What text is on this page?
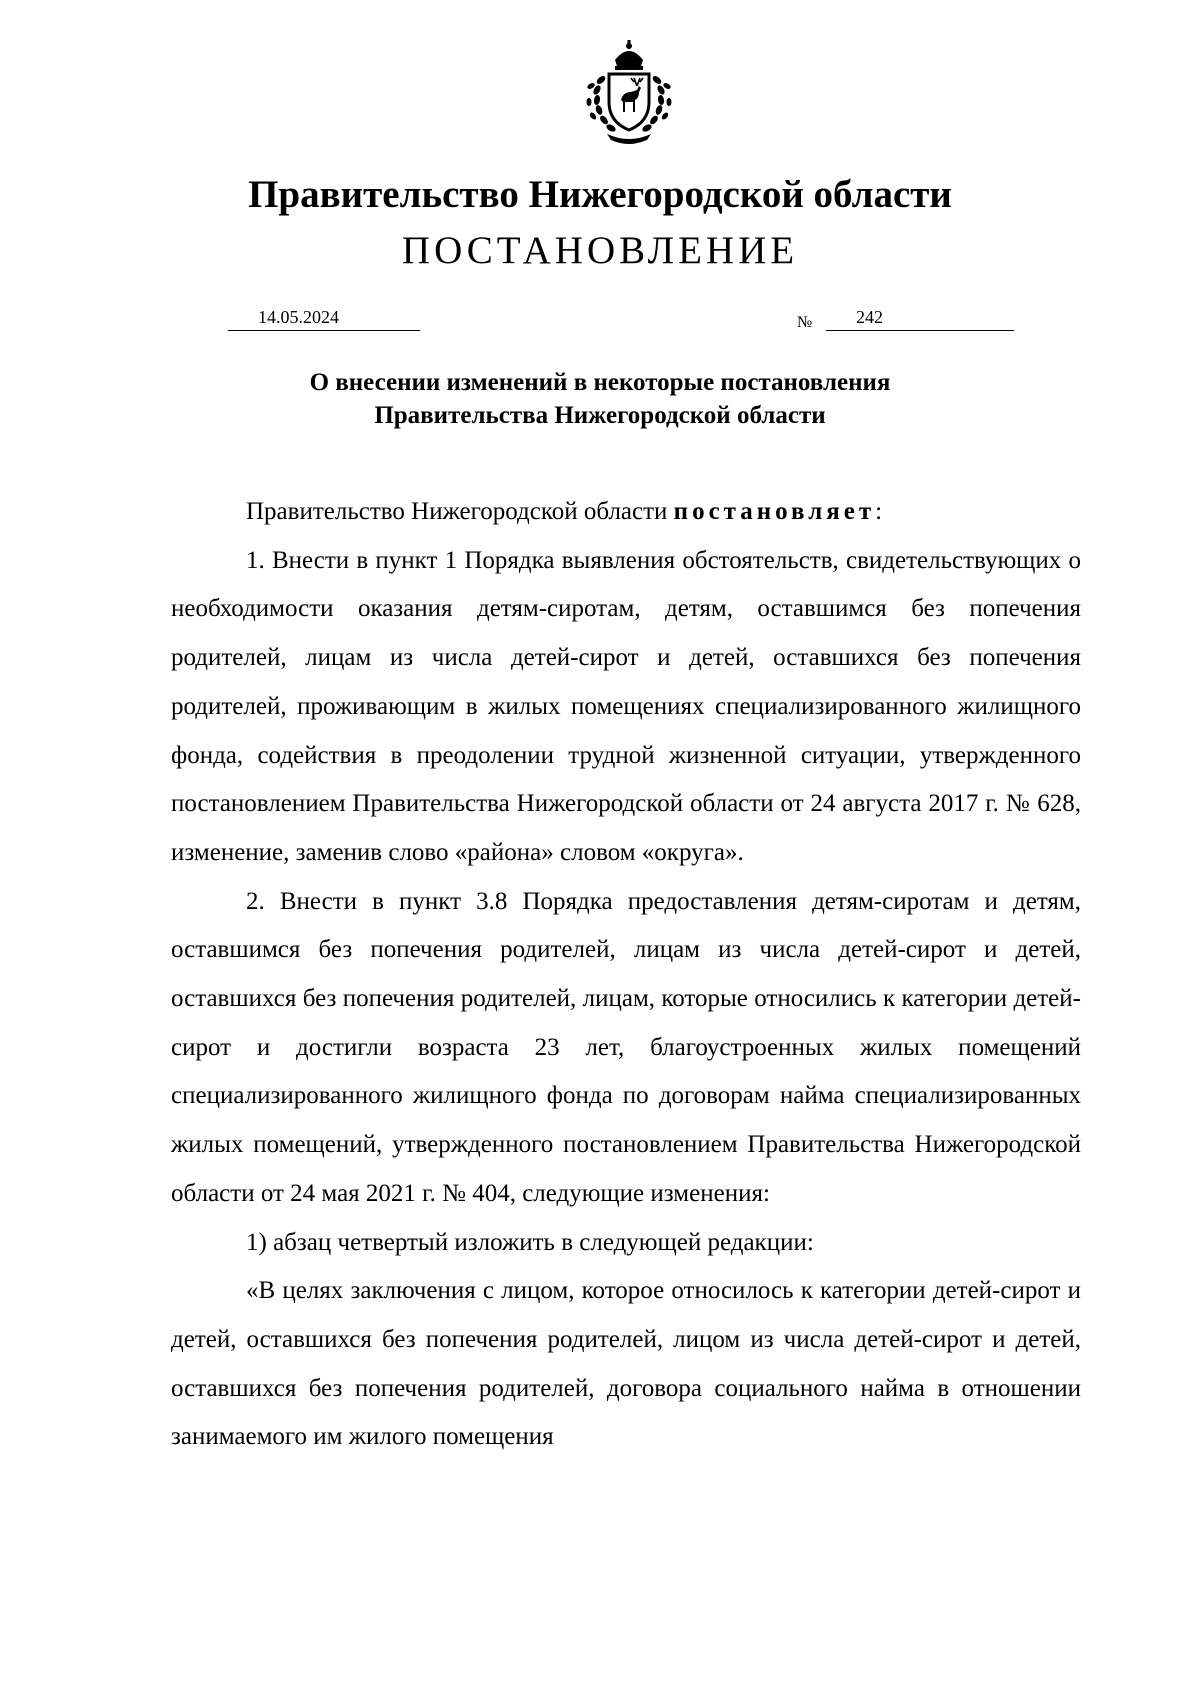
Правительство Нижегородской области
ПОСТАНОВЛЕНИЕ
14.05.2024	№ 242
О внесении изменений в некоторые постановления
Правительства Нижегородской области

Правительство Нижегородской области постановляет:

1. Внести в пункт 1 Порядка выявления обстоятельств, свидетельствующих о необходимости оказания детям-сиротам, детям, оставшимся без попечения родителей, лицам из числа детей-сирот и детей, оставшихся без попечения родителей, проживающим в жилых помещениях специализированного жилищного фонда, содействия в преодолении трудной жизненной ситуации, утвержденного постановлением Правительства Нижегородской области от 24 августа 2017 г. № 628, изменение, заменив слово «района» словом «округа».

2. Внести в пункт 3.8 Порядка предоставления детям-сиротам и детям, оставшимся без попечения родителей, лицам из числа детей-сирот и детей, оставшихся без попечения родителей, лицам, которые относились к категории детей-сирот и достигли возраста 23 лет, благоустроенных жилых помещений специализированного жилищного фонда по договорам найма специализированных жилых помещений, утвержденного постановлением Правительства Нижегородской области от 24 мая 2021 г. № 404, следующие изменения:

1) абзац четвертый изложить в следующей редакции:

«В целях заключения с лицом, которое относилось к категории детей-сирот и детей, оставшихся без попечения родителей, лицом из числа детей-сирот и детей, оставшихся без попечения родителей, договора социального найма в отношении занимаемого им жилого помещения
